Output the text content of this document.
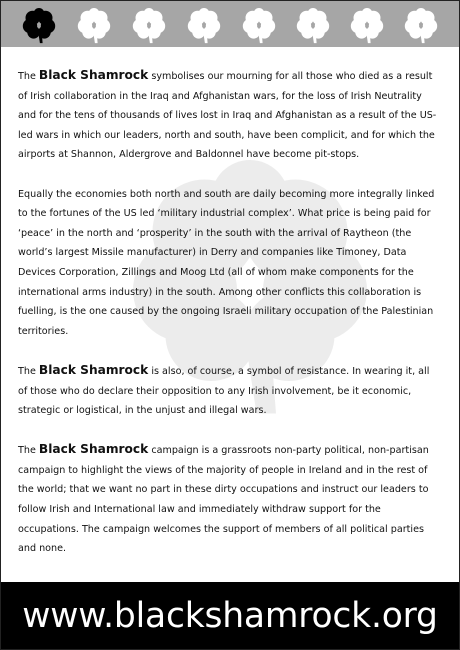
The Black Shamrock symbolises our mourning for all those who died as a result of Irish collaboration in the Iraq and Afghanistan wars, for the loss of Irish Neutrality and for the tens of thousands of lives lost in Iraq and Afghanistan as a result of the US-led wars in which our leaders, north and south, have been complicit, and for which the airports at Shannon, Aldergrove and Baldonnel have become pit-stops.

Equally the economies both north and south are daily becoming more integrally linked to the fortunes of the US led ‘military industrial complex’. What price is being paid for ‘peace’ in the north and ‘prosperity’ in the south with the arrival of Raytheon (the world’s largest Missile manufacturer) in Derry and companies like Timoney, Data Devices Corporation, Zillings and Moog Ltd (all of whom make components for the international arms industry) in the south. Among other conflicts this collaboration is fuelling, is the one caused by the ongoing Israeli military occupation of the Palestinian territories.

The Black Shamrock is also, of course, a symbol of resistance. In wearing it, all of those who do declare their opposition to any Irish involvement, be it economic, strategic or logistical, in the unjust and illegal wars.

The Black Shamrock campaign is a grassroots non-party political, non-partisan campaign to highlight the views of the majority of people in Ireland and in the rest of the world; that we want no part in these dirty occupations and instruct our leaders to follow Irish and International law and immediately withdraw support for the occupations. The campaign welcomes the support of members of all political parties and none.

www.blackshamrock.org
